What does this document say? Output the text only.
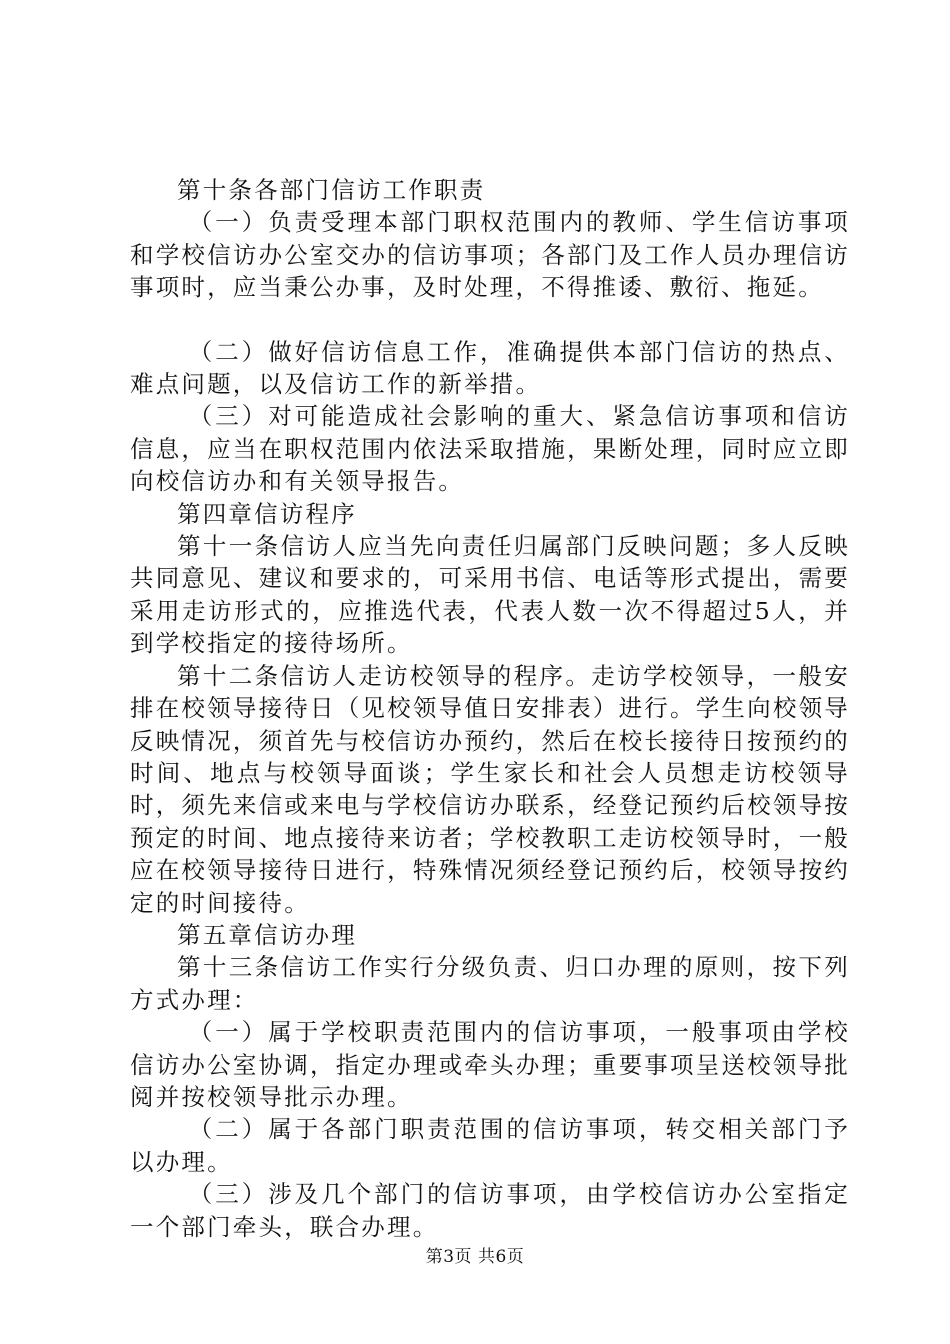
第十条各部门信访工作职责

（一）负责受理本部门职权范围内的教师、学生信访事项和学校信访办公室交办的信访事项；各部门及工作人员办理信访事项时，应当秉公办事，及时处理，不得推诿、敷衍、拖延。

（二）做好信访信息工作，准确提供本部门信访的热点、难点问题，以及信访工作的新举措。

（三）对可能造成社会影响的重大、紧急信访事项和信访信息，应当在职权范围内依法采取措施，果断处理，同时应立即向校信访办和有关领导报告。

第四章信访程序

第十一条信访人应当先向责任归属部门反映问题；多人反映共同意见、建议和要求的，可采用书信、电话等形式提出，需要采用走访形式的，应推选代表，代表人数一次不得超过5人，并到学校指定的接待场所。

第十二条信访人走访校领导的程序。走访学校领导，一般安排在校领导接待日（见校领导值日安排表）进行。学生向校领导反映情况，须首先与校信访办预约，然后在校长接待日按预约的时间、地点与校领导面谈；学生家长和社会人员想走访校领导时，须先来信或来电与学校信访办联系，经登记预约后校领导按预定的时间、地点接待来访者；学校教职工走访校领导时，一般应在校领导接待日进行，特殊情况须经登记预约后，校领导按约定的时间接待。

第五章信访办理

第十三条信访工作实行分级负责、归口办理的原则，按下列方式办理：

（一）属于学校职责范围内的信访事项，一般事项由学校信访办公室协调，指定办理或牵头办理；重要事项呈送校领导批阅并按校领导批示办理。

（二）属于各部门职责范围的信访事项，转交相关部门予以办理。

（三）涉及几个部门的信访事项，由学校信访办公室指定一个部门牵头，联合办理。

第3页 共6页
